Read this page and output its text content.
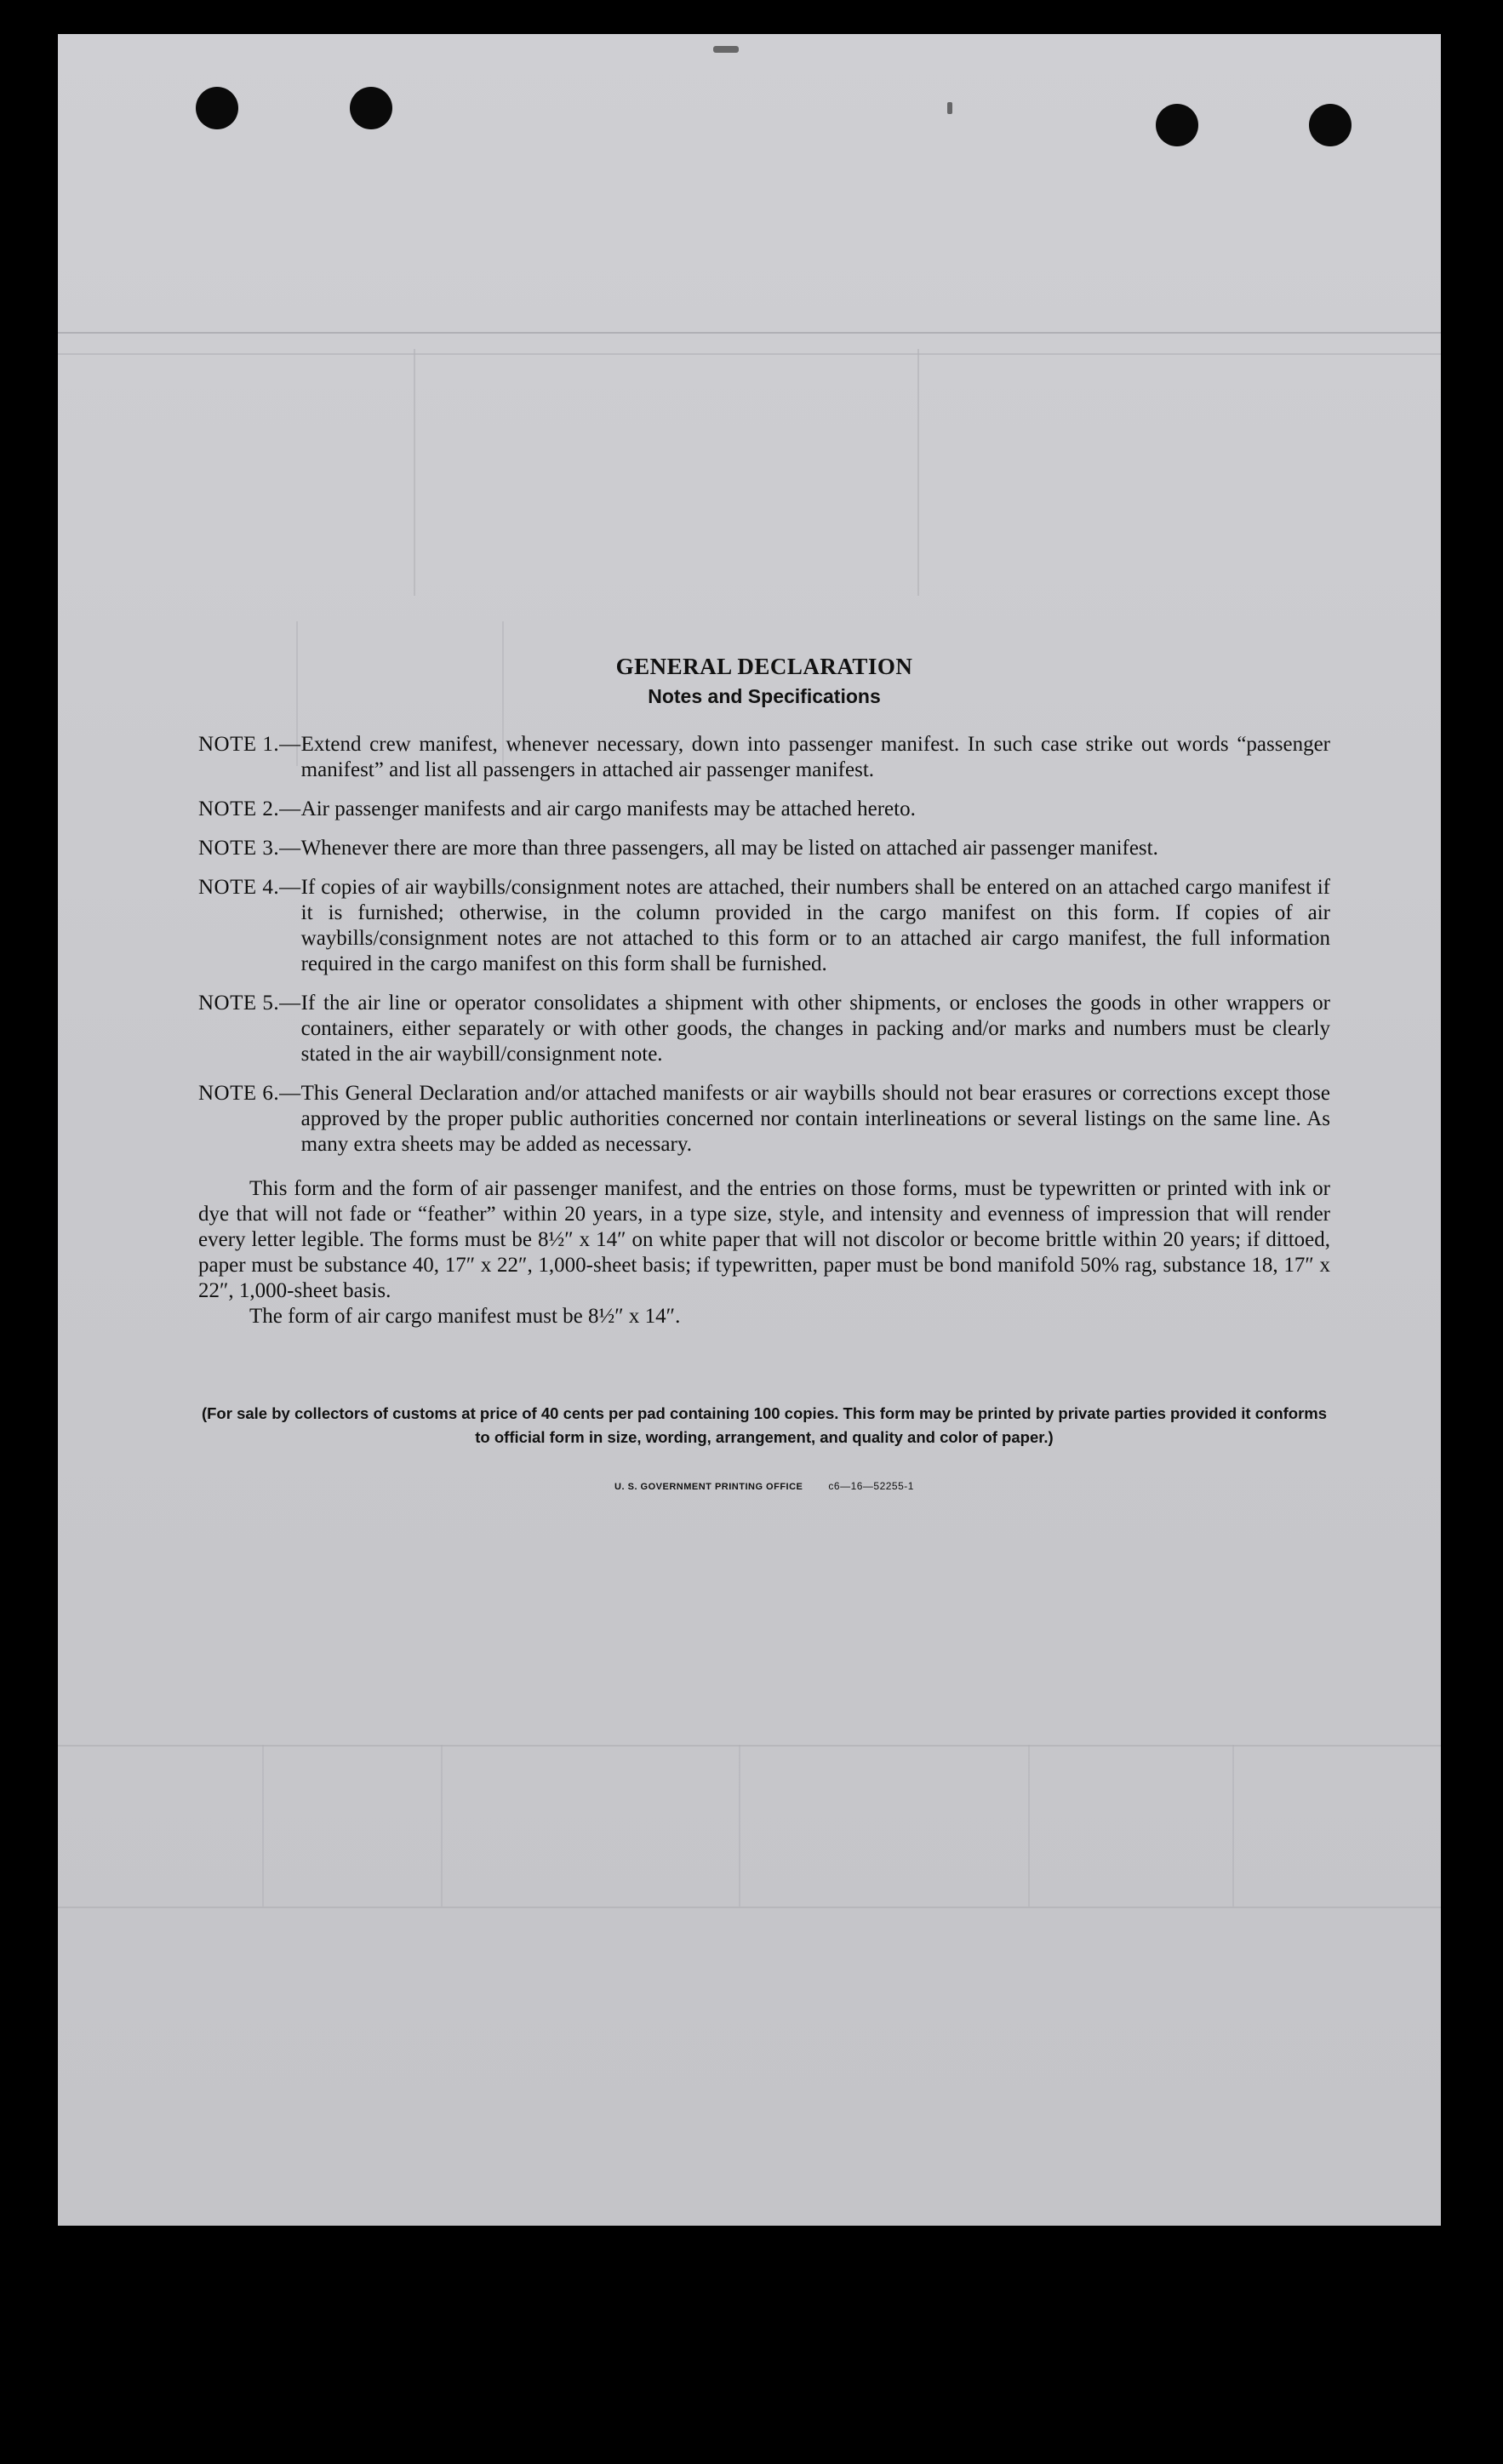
GENERAL DECLARATION
Notes and Specifications
NOTE 1.— Extend crew manifest, whenever necessary, down into passenger manifest. In such case strike out words “passenger manifest” and list all passengers in attached air passenger manifest.
NOTE 2.— Air passenger manifests and air cargo manifests may be attached hereto.
NOTE 3.— Whenever there are more than three passengers, all may be listed on attached air passenger manifest.
NOTE 4.— If copies of air waybills/consignment notes are attached, their numbers shall be entered on an attached cargo manifest if it is furnished; otherwise, in the column provided in the cargo manifest on this form. If copies of air waybills/consignment notes are not attached to this form or to an attached air cargo manifest, the full information required in the cargo manifest on this form shall be furnished.
NOTE 5.— If the air line or operator consolidates a shipment with other shipments, or encloses the goods in other wrappers or containers, either separately or with other goods, the changes in packing and/or marks and numbers must be clearly stated in the air waybill/consignment note.
NOTE 6.— This General Declaration and/or attached manifests or air waybills should not bear erasures or corrections except those approved by the proper public authorities concerned nor contain interlineations or several listings on the same line. As many extra sheets may be added as necessary.
This form and the form of air passenger manifest, and the entries on those forms, must be typewritten or printed with ink or dye that will not fade or “feather” within 20 years, in a type size, style, and intensity and evenness of impression that will render every letter legible. The forms must be 8½″ x 14″ on white paper that will not discolor or become brittle within 20 years; if dittoed, paper must be substance 40, 17″ x 22″, 1,000-sheet basis; if typewritten, paper must be bond manifold 50% rag, substance 18, 17″ x 22″, 1,000-sheet basis.
The form of air cargo manifest must be 8½″ x 14″.
(For sale by collectors of customs at price of 40 cents per pad containing 100 copies. This form may be printed by private parties provided it conforms to official form in size, wording, arrangement, and quality and color of paper.)
U. S. GOVERNMENT PRINTING OFFICE	c6—16—52255-1
